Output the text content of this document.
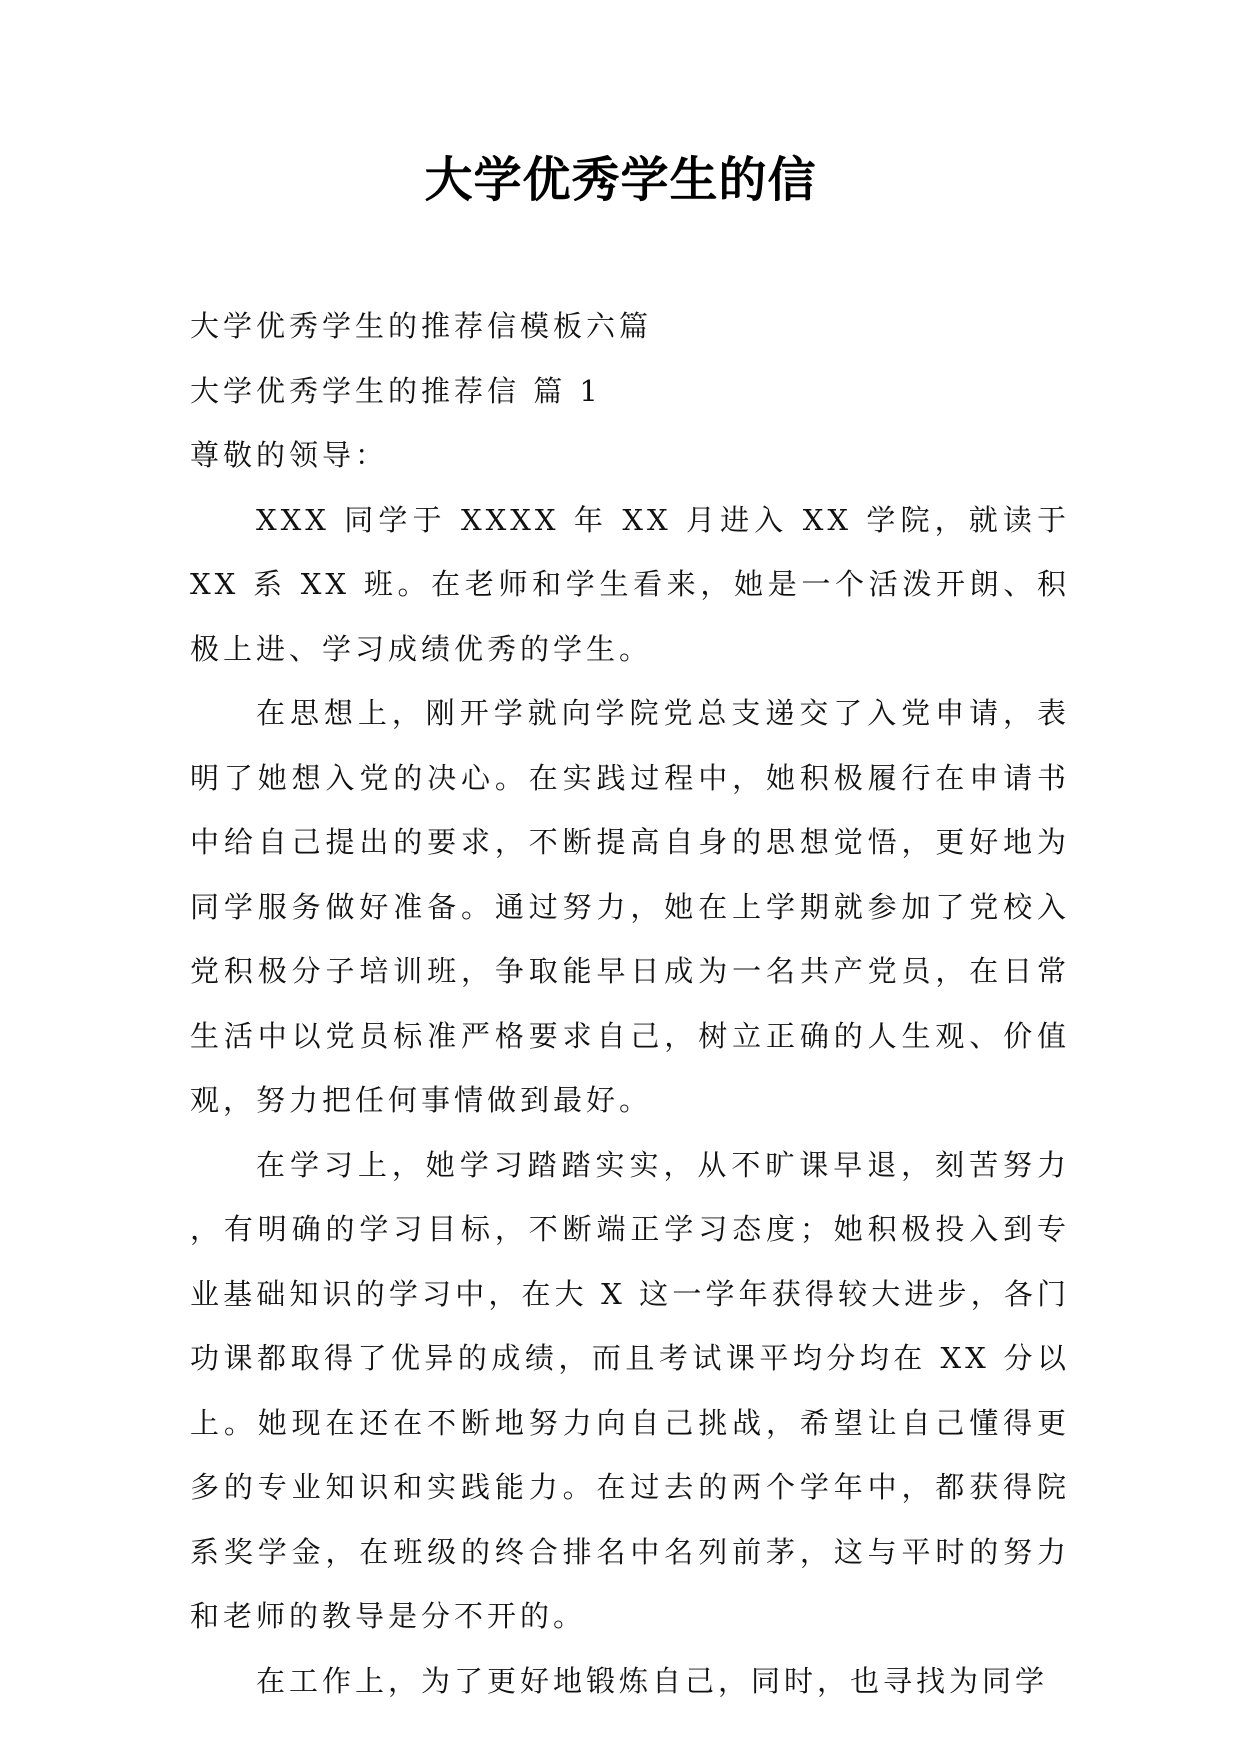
大学优秀学生的信

大学优秀学生的推荐信模板六篇

大学优秀学生的推荐信 篇 1

尊敬的领导：

XXX 同学于 XXXX 年 XX 月进入 XX 学院，就读于 XX 系 XX 班。在老师和学生看来，她是一个活泼开朗、积极上进、学习成绩优秀的学生。

在思想上，刚开学就向学院党总支递交了入党申请，表明了她想入党的决心。在实践过程中，她积极履行在申请书中给自己提出的要求，不断提高自身的思想觉悟，更好地为同学服务做好准备。通过努力，她在上学期就参加了党校入党积极分子培训班，争取能早日成为一名共产党员，在日常生活中以党员标准严格要求自己，树立正确的人生观、价值观，努力把任何事情做到最好。

在学习上，她学习踏踏实实，从不旷课早退，刻苦努力，有明确的学习目标，不断端正学习态度；她积极投入到专业基础知识的学习中，在大 X 这一学年获得较大进步，各门功课都取得了优异的成绩，而且考试课平均分均在 XX 分以上。她现在还在不断地努力向自己挑战，希望让自己懂得更多的专业知识和实践能力。在过去的两个学年中，都获得院系奖学金，在班级的终合排名中名列前茅，这与平时的努力和老师的教导是分不开的。

在工作上，为了更好地锻炼自己，同时，也寻找为同学
